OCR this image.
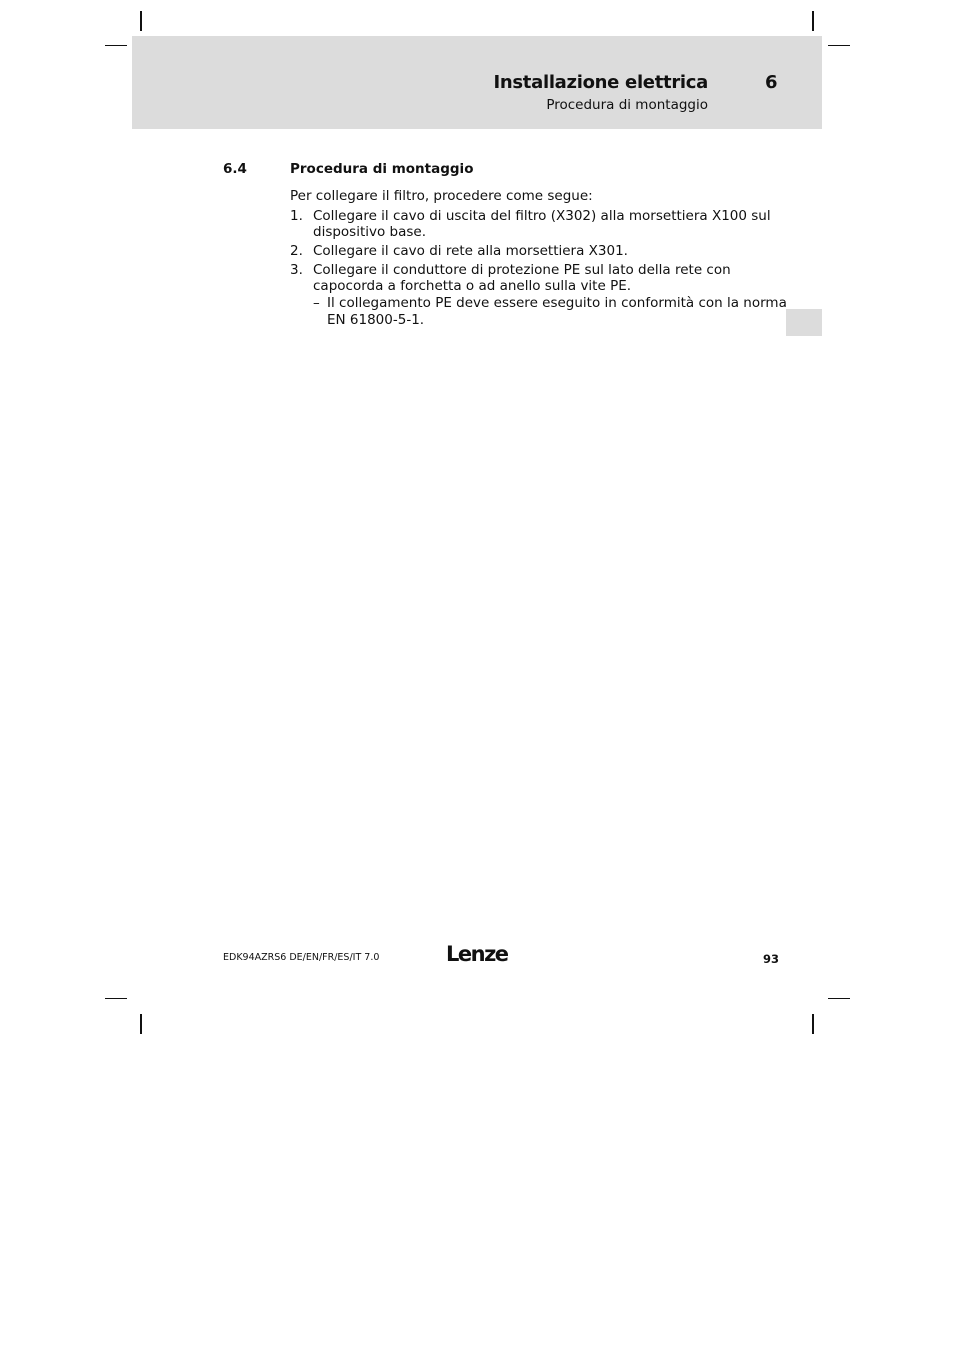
Installazione elettrica	6
Procedura di montaggio
6.4	Procedura di montaggio
Per collegare il filtro, procedere come segue:
1. Collegare il cavo di uscita del filtro (X302) alla morsettiera X100 sul dispositivo base.
2. Collegare il cavo di rete alla morsettiera X301.
3. Collegare il conduttore di protezione PE sul lato della rete con capocorda a forchetta o ad anello sulla vite PE.
– Il collegamento PE deve essere eseguito in conformità con la norma EN 61800-5-1.
EDK94AZRS6 DE/EN/FR/ES/IT 7.0	Lenze	93
